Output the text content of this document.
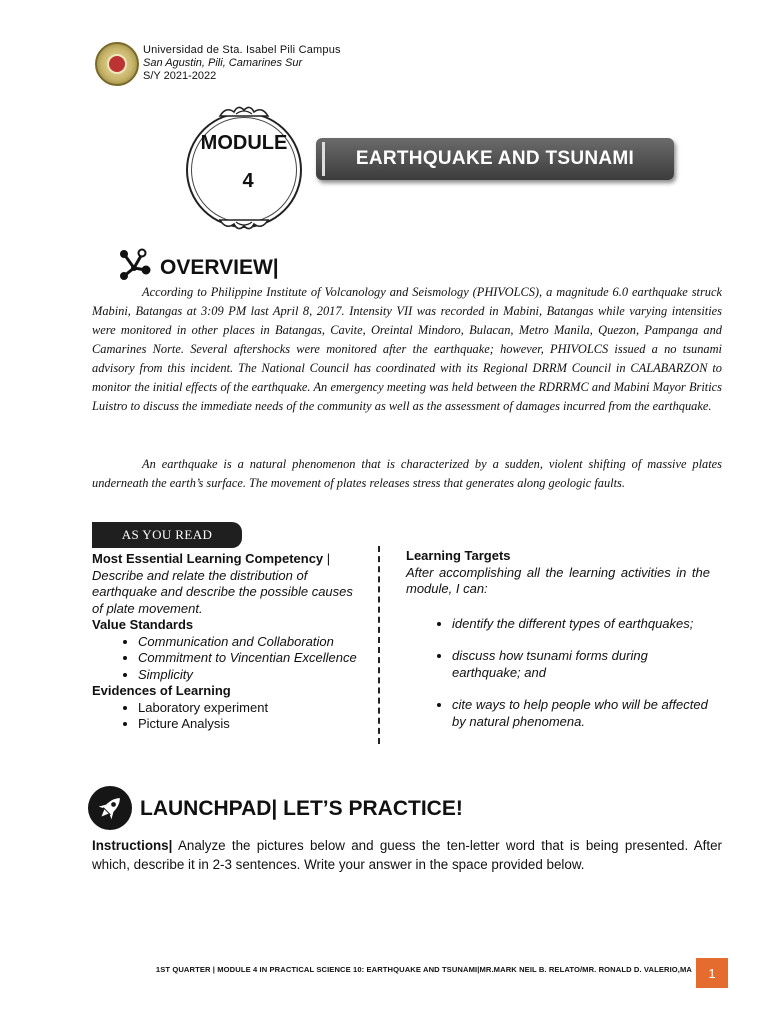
Universidad de Sta. Isabel Pili Campus
San Agustin, Pili, Camarines Sur
S/Y 2021-2022
MODULE
4
EARTHQUAKE AND TSUNAMI
OVERVIEW|
According to Philippine Institute of Volcanology and Seismology (PHIVOLCS), a magnitude 6.0 earthquake struck Mabini, Batangas at 3:09 PM last April 8, 2017. Intensity VII was recorded in Mabini, Batangas while varying intensities were monitored in other places in Batangas, Cavite, Oreintal Mindoro, Bulacan, Metro Manila, Quezon, Pampanga and Camarines Norte. Several aftershocks were monitored after the earthquake; however, PHIVOLCS issued a no tsunami advisory from this incident. The National Council has coordinated with its Regional DRRM Council in CALABARZON to monitor the initial effects of the earthquake. An emergency meeting was held between the RDRRMC and Mabini Mayor Britics Luistro to discuss the immediate needs of the community as well as the assessment of damages incurred from the earthquake.
An earthquake is a natural phenomenon that is characterized by a sudden, violent shifting of massive plates underneath the earth’s surface. The movement of plates releases stress that generates along geologic faults.
AS YOU READ
Most Essential Learning Competency |
Describe and relate the distribution of earthquake and describe the possible causes of plate movement.
Value Standards
• Communication and Collaboration
• Commitment to Vincentian Excellence
• Simplicity
Evidences of Learning
• Laboratory experiment
• Picture Analysis
Learning Targets
After accomplishing all the learning activities in the module, I can:
• identify the different types of earthquakes;
• discuss how tsunami forms during earthquake; and
• cite ways to help people who will be affected by natural phenomena.
LAUNCHPAD| LET’S PRACTICE!
Instructions| Analyze the pictures below and guess the ten-letter word that is being presented. After which, describe it in 2-3 sentences. Write your answer in the space provided below.
1ST QUARTER | MODULE 4 IN PRACTICAL SCIENCE 10: EARTHQUAKE AND TSUNAMI|MR.MARK NEIL B. RELATO/MR. RONALD D. VALERIO,MA	1
